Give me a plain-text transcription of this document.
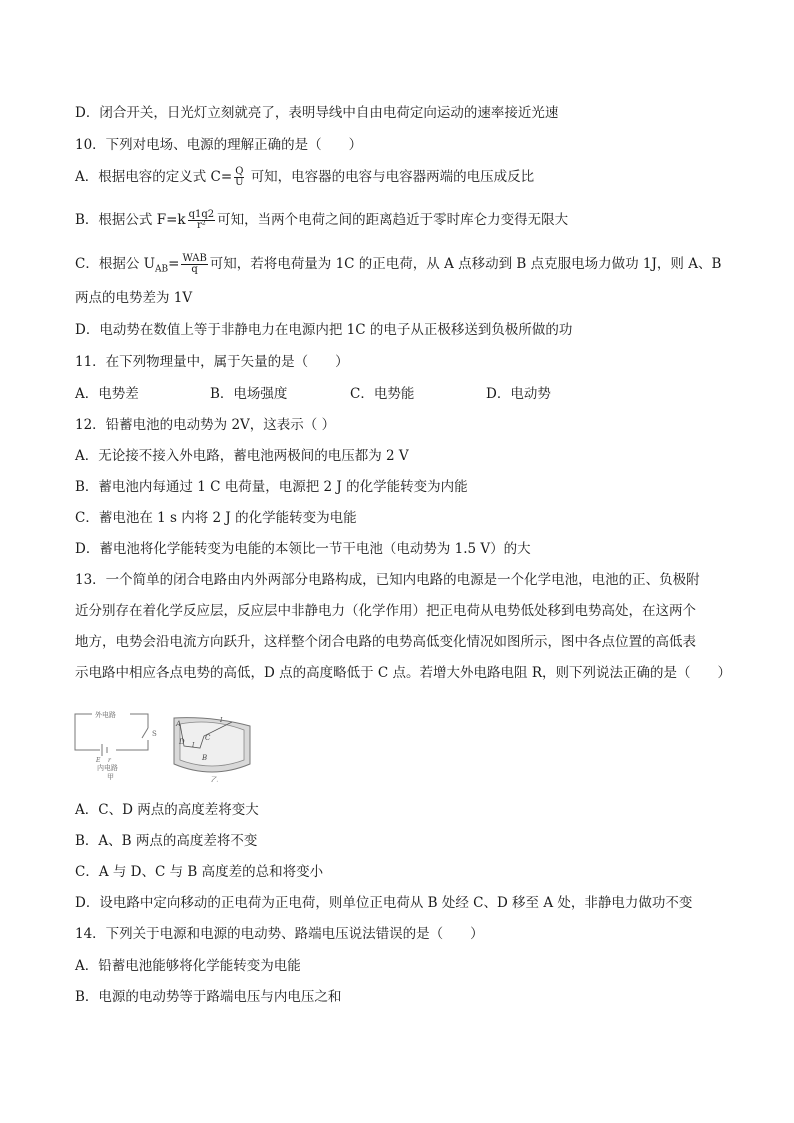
D．闭合开关，日光灯立刻就亮了，表明导线中自由电荷定向运动的速率接近光速
10．下列对电场、电源的理解正确的是（　　）
A．根据电容的定义式 $C= \frac{Q}{U}$ 可知，电容器的电容与电容器两端的电压成反比
B．根据公式 $F=k \frac{q1q2}{\text{r²}}$ 可知，当两个电荷之间的距离趋近于零时库仑力变得无限大
C．根据公 $U_{AB}= \frac{\text{WAB}}{q}$ 可知，若将电荷量为 1C 的正电荷，从 A 点移动到 B 点克服电场力做功 1J，则 A、B
两点的电势差为 1V
D．电动势在数值上等于非静电力在电源内把 1C 的电子从正极移送到负极所做的功
11．在下列物理量中，属于矢量的是（　　）
A．电势差	B．电场强度	C．电势能	D．电动势
12．铅蓄电池的电动势为 2V，这表示（ ）
A．无论接不接入外电路，蓄电池两极间的电压都为 2 V
B．蓄电池内每通过 1 C 电荷量，电源把 2 J 的化学能转变为内能
C．蓄电池在 1 s 内将 2 J 的化学能转变为电能
D．蓄电池将化学能转变为电能的本领比一节干电池（电动势为 1.5 V）的大
13．一个简单的闭合电路由内外两部分电路构成，已知内电路的电源是一个化学电池，电池的正、负极附
近分别存在着化学反应层，反应层中非静电力（化学作用）把正电荷从电势低处移到电势高处，在这两个
地方，电势会沿电流方向跃升，这样整个闭合电路的电势高低变化情况如图所示，图中各点位置的高低表
示电路中相应各点电势的高低，D 点的高度略低于 C 点。若增大外电路电阻 R，则下列说法正确的是（　　）
外电路
S
E r
内电路
甲
A
B
C
D I
I
乙
A．C、D 两点的高度差将变大
B．A、B 两点的高度差将不变
C．A 与 D、C 与 B 高度差的总和将变小
D．设电路中定向移动的正电荷为正电荷，则单位正电荷从 B 处经 C、D 移至 A 处，非静电力做功不变
14．下列关于电源和电源的电动势、路端电压说法错误的是（　　）
A．铅蓄电池能够将化学能转变为电能
B．电源的电动势等于路端电压与内电压之和
